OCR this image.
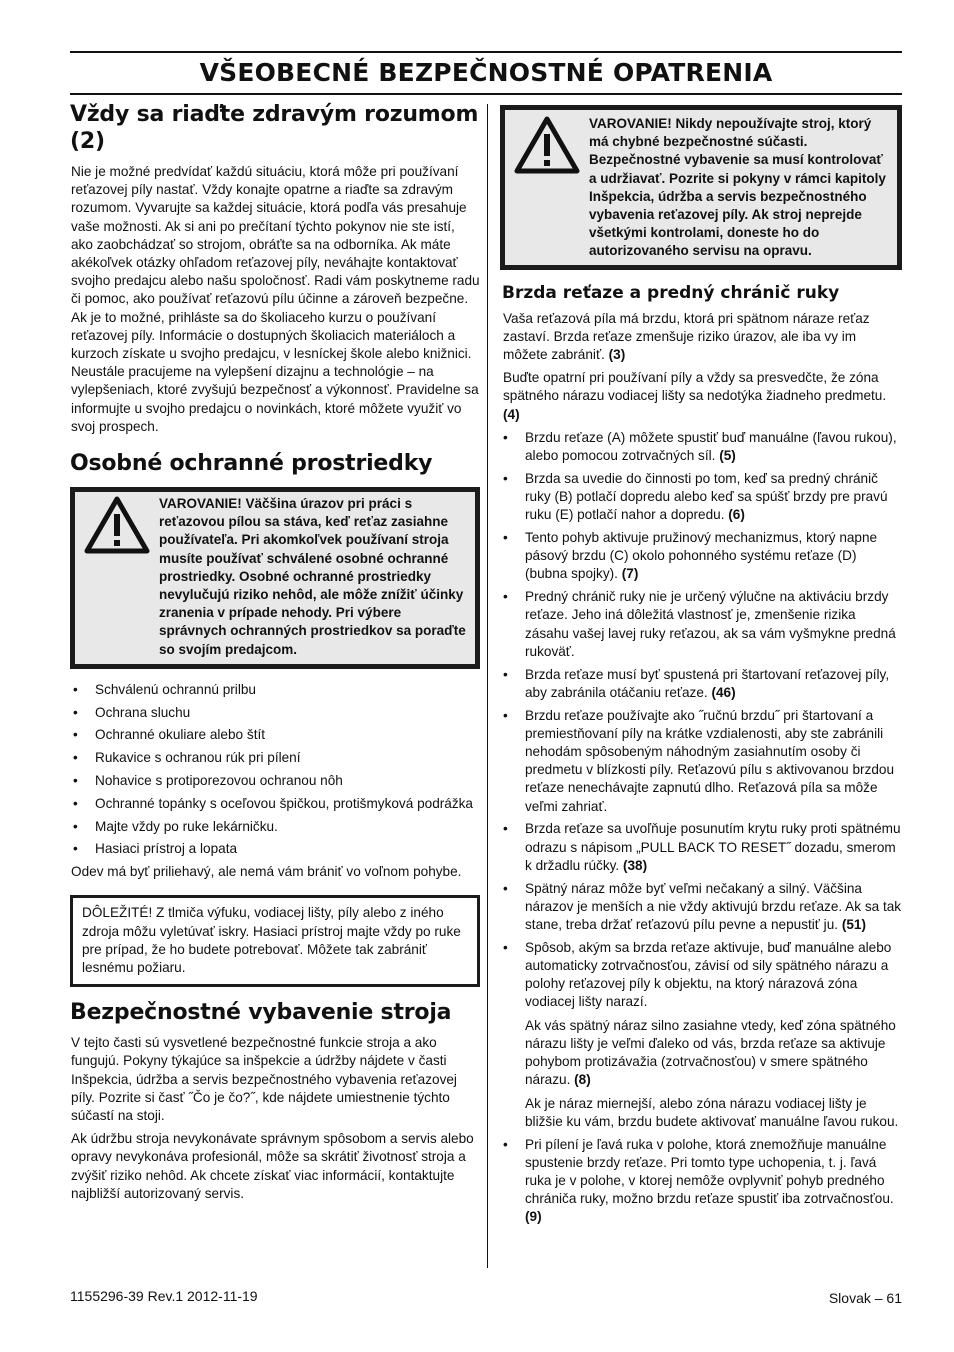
VŠEOBECNÉ BEZPEČNOSTNÉ OPATRENIA
Vždy sa riaďte zdravým rozumom (2)

Nie je možné predvídať každú situáciu, ktorá môže pri používaní reťazovej píly nastať. Vždy konajte opatrne a riaďte sa zdravým rozumom. Vyvarujte sa každej situácie, ktorá podľa vás presahuje vaše možnosti. Ak si ani po prečítaní týchto pokynov nie ste istí, ako zaobchádzať so strojom, obráťte sa na odborníka. Ak máte akékoľvek otázky ohľadom reťazovej píly, neváhajte kontaktovať svojho predajcu alebo našu spoločnosť. Radi vám poskytneme radu či pomoc, ako používať reťazovú pílu účinne a zároveň bezpečne. Ak je to možné, prihláste sa do školiaceho kurzu o používaní reťazovej píly. Informácie o dostupných školiacich materiáloch a kurzoch získate u svojho predajcu, v lesníckej škole alebo knižnici. Neustále pracujeme na vylepšení dizajnu a technológie – na vylepšeniach, ktoré zvyšujú bezpečnosť a výkonnosť. Pravidelne sa informujte u svojho predajcu o novinkách, ktoré môžete využiť vo svoj prospech.

Osobné ochranné prostriedky
VAROVANIE! Väčšina úrazov pri práci s reťazovou pílou sa stáva, keď reťaz zasiahne používateľa. Pri akomkoľvek používaní stroja musíte používať schválené osobné ochranné prostriedky. Osobné ochranné prostriedky nevylučujú riziko nehôd, ale môže znížiť účinky zranenia v prípade nehody. Pri výbere správnych ochranných prostriedkov sa poraďte so svojím predajcom.
• Schválenú ochrannú prilbu
• Ochrana sluchu
• Ochranné okuliare alebo štít
• Rukavice s ochranou rúk pri pílení
• Nohavice s protiporezovou ochranou nôh
• Ochranné topánky s oceľovou špičkou, protišmyková podrážka
• Majte vždy po ruke lekárničku.
• Hasiaci prístroj a lopata

Odev má byť priliehavý, ale nemá vám brániť vo voľnom pohybe.

DÔLEŽITÉ! Z tlmiča výfuku, vodiacej lišty, píly alebo z iného zdroja môžu vyletúvať iskry. Hasiaci prístroj majte vždy po ruke pre prípad, že ho budete potrebovať. Môžete tak zabrániť lesnému požiaru.

Bezpečnostné vybavenie stroja

V tejto časti sú vysvetlené bezpečnostné funkcie stroja a ako fungujú. Pokyny týkajúce sa inšpekcie a údržby nájdete v časti Inšpekcia, údržba a servis bezpečnostného vybavenia reťazovej píly. Pozrite si časť ˝Čo je čo?˝, kde nájdete umiestnenie týchto súčastí na stoji.

Ak údržbu stroja nevykonávate správnym spôsobom a servis alebo opravy nevykonáva profesionál, môže sa skrátiť životnosť stroja a zvýšiť riziko nehôd. Ak chcete získať viac informácií, kontaktujte najbližší autorizovaný servis.

VAROVANIE! Nikdy nepoužívajte stroj, ktorý má chybné bezpečnostné súčasti. Bezpečnostné vybavenie sa musí kontrolovať a udržiavať. Pozrite si pokyny v rámci kapitoly Inšpekcia, údržba a servis bezpečnostného vybavenia reťazovej píly. Ak stroj neprejde všetkými kontrolami, doneste ho do autorizovaného servisu na opravu.
Brzda reťaze a predný chránič ruky

Vaša reťazová píla má brzdu, ktorá pri spätnom náraze reťaz zastaví. Brzda reťaze zmenšuje riziko úrazov, ale iba vy im môžete zabrániť. (3)

Buďte opatrní pri používaní píly a vždy sa presvedčte, že zóna spätného nárazu vodiacej lišty sa nedotýka žiadneho predmetu. (4)

• Brzdu reťaze (A) môžete spustiť buď manuálne (ľavou rukou), alebo pomocou zotrvačných síl. (5)
• Brzda sa uvedie do činnosti po tom, keď sa predný chránič ruky (B) potlačí dopredu alebo keď sa spúšť brzdy pre pravú ruku (E) potlačí nahor a dopredu. (6)
• Tento pohyb aktivuje pružinový mechanizmus, ktorý napne pásový brzdu (C) okolo pohonného systému reťaze (D) (bubna spojky). (7)
• Predný chránič ruky nie je určený výlučne na aktiváciu brzdy reťaze. Jeho iná dôležitá vlastnosť je, zmenšenie rizika zásahu vašej lavej ruky reťazou, ak sa vám vyšmykne predná rukoväť.
• Brzda reťaze musí byť spustená pri štartovaní reťazovej píly, aby zabránila otáčaniu reťaze. (46)
• Brzdu reťaze používajte ako ˝ručnú brzdu˝ pri štartovaní a premiestňovaní píly na krátke vzdialenosti, aby ste zabránili nehodám spôsobeným náhodným zasiahnutím osoby či predmetu v blízkosti píly. Reťazovú pílu s aktivovanou brzdou reťaze nenechávajte zapnutú dlho. Reťazová píla sa môže veľmi zahriať.
• Brzda reťaze sa uvoľňuje posunutím krytu ruky proti spätnému odrazu s nápisom „PULL BACK TO RESET˝ dozadu, smerom k držadlu rúčky. (38)
• Spätný náraz môže byť veľmi nečakaný a silný. Väčšina nárazov je menších a nie vždy aktivujú brzdu reťaze. Ak sa tak stane, treba držať reťazovú pílu pevne a nepustiť ju. (51)
• Spôsob, akým sa brzda reťaze aktivuje, buď manuálne alebo automaticky zotrvačnosťou, závisí od sily spätného nárazu a polohy reťazovej píly k objektu, na ktorý nárazová zóna vodiacej lišty narazí.
Ak vás spätný náraz silno zasiahne vtedy, keď zóna spätného nárazu lišty je veľmi ďaleko od vás, brzda reťaze sa aktivuje pohybom protizávažia (zotrvačnosťou) v smere spätného nárazu. (8)
Ak je náraz miernejší, alebo zóna nárazu vodiacej lišty je bližšie ku vám, brzdu budete aktivovať manuálne ľavou rukou.
• Pri pílení je ľavá ruka v polohe, ktorá znemožňuje manuálne spustenie brzdy reťaze. Pri tomto type uchopenia, t. j. ľavá ruka je v polohe, v ktorej nemôže ovplyvniť pohyb predného chrániča ruky, možno brzdu reťaze spustiť iba zotrvačnosťou. (9)
1155296-39 Rev.1 2012-11-19	Slovak – 61
